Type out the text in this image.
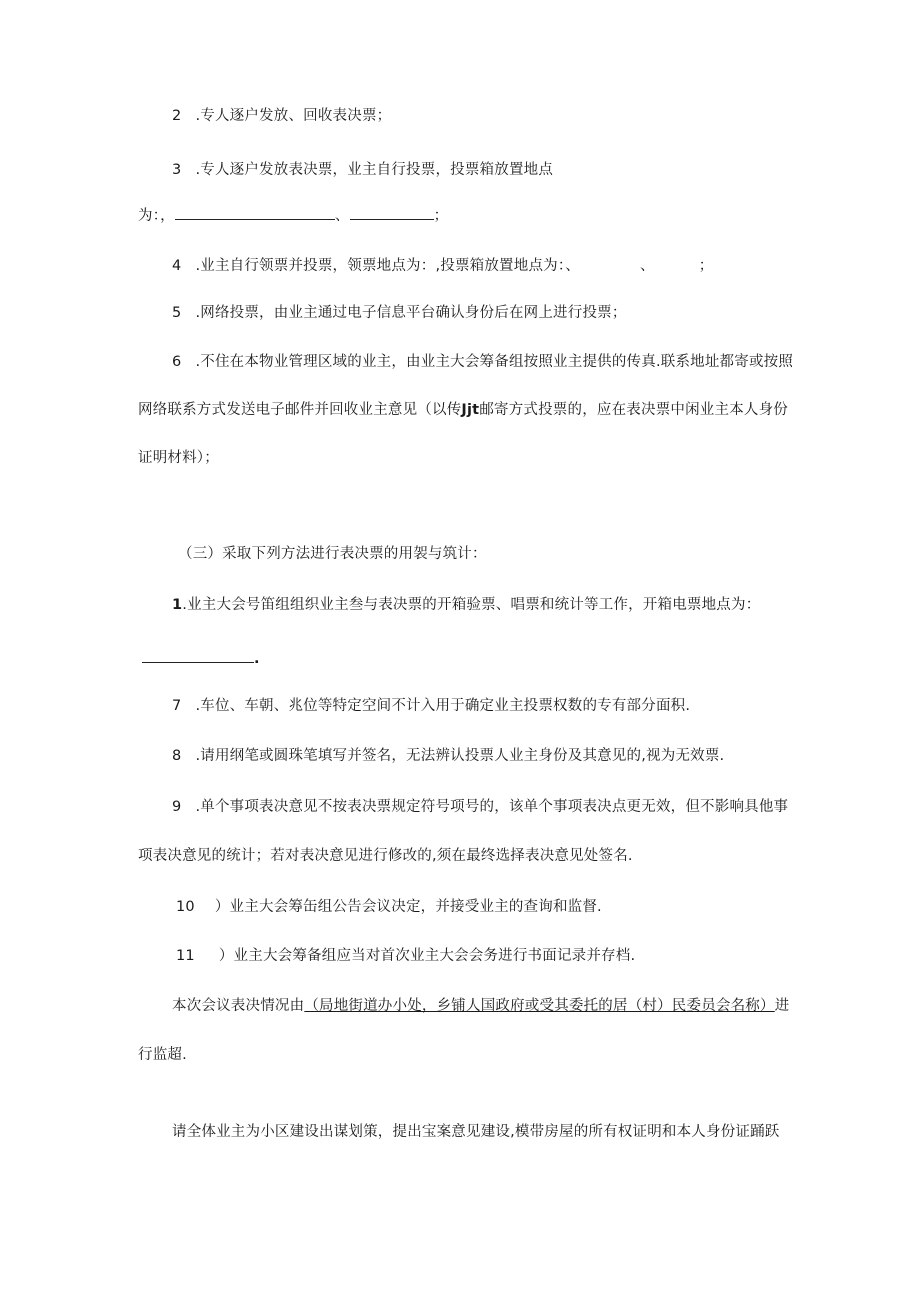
2 .专人逐户发放、回收表决票；
3 .专人逐户发放表决票，业主自行投票，投票箱放置地点
为：，	、	；
4 .业主自行领票并投票，领票地点为：,投票箱放置地点为：、	、	；
5 .网络投票，由业主通过电子信息平台确认身份后在网上进行投票；
6 .不住在本物业管理区域的业主，由业主大会筹备组按照业主提供的传真.联系地址都寄或按照
网络联系方式发送电子邮件并回收业主意见（以传Jjt邮寄方式投票的，应在表决票中闲业主本人身份
证明材料）；
（三）采取下列方法进行表决票的用袈与筑计：
1.业主大会号笛组组织业主叁与表决票的开箱验票、唱票和统计等工作，开箱电票地点为：
.
7 .车位、车朝、兆位等特定空间不计入用于确定业主投票权数的专有部分面积.
8 .请用纲笔或圆珠笔填写并签名，无法辨认投票人业主身份及其意见的,视为无效票.
9 .单个事项表决意见不按表决票规定符号项号的，该单个事项表决点更无效，但不影响具他事
项表决意见的统计；若对表决意见进行修改的,须在最终选择表决意见处签名.
10 ）业主大会筹缶组公告会议决定，并接受业主的查询和监督.
11 ）业主大会筹备组应当对首次业主大会会务进行书面记录并存档.
本次会议表决情况由（局地街道办小处，乡铺人国政府或受其委托的居（村）民委员会名称）进
行监超.
请全体业主为小区建设出谋划策，提出宝案意见建设,模带房屋的所有权证明和本人身份证踊跃
